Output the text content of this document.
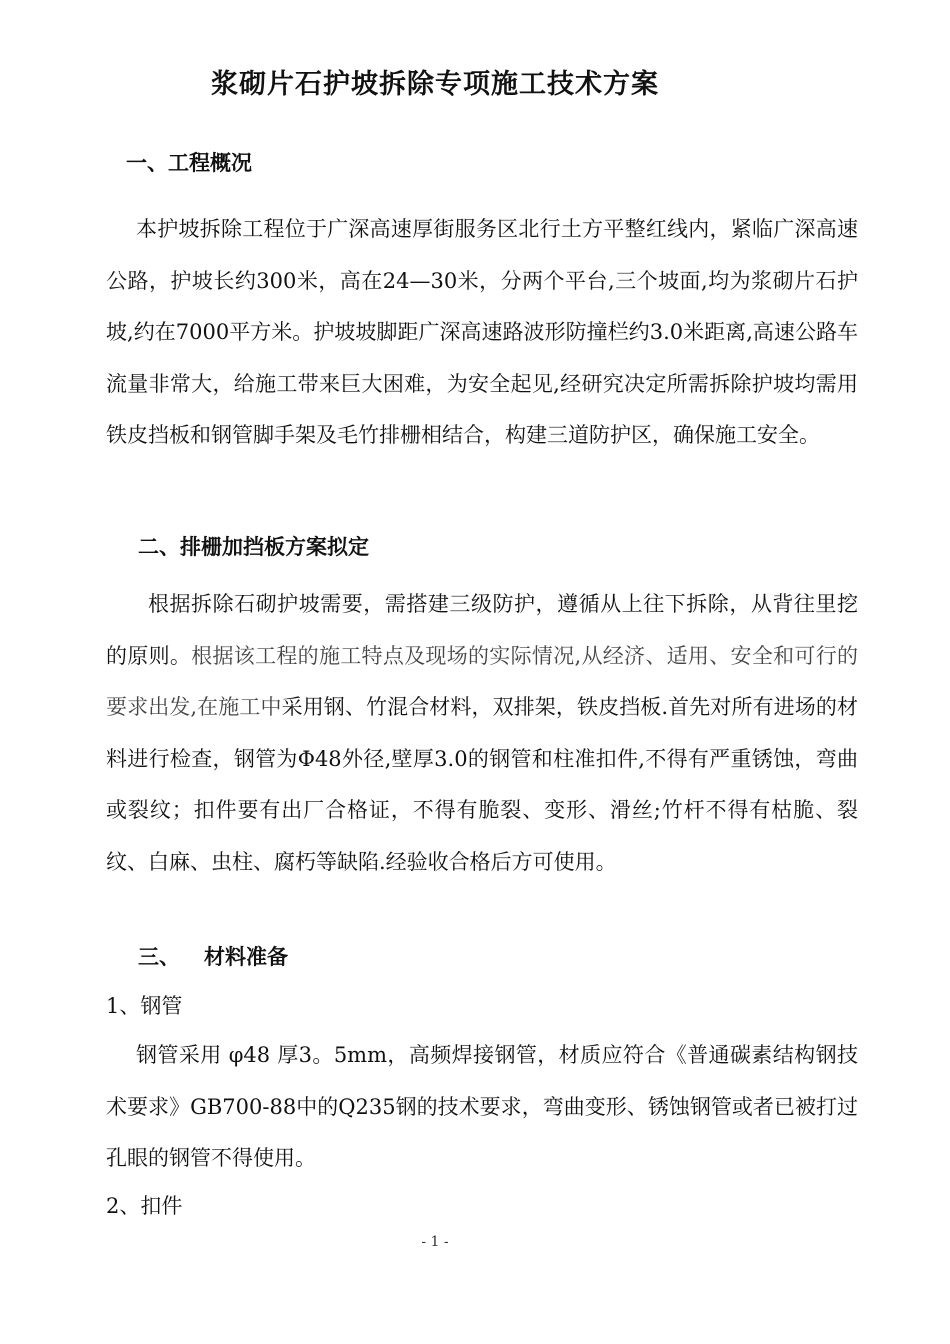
浆砌片石护坡拆除专项施工技术方案
一、工程概况
本护坡拆除工程位于广深高速厚街服务区北行土方平整红线内，紧临广深高速公路，护坡长约300米，高在24—30米，分两个平台,三个坡面,均为浆砌片石护坡,约在7000平方米。护坡坡脚距广深高速路波形防撞栏约3.0米距离,高速公路车流量非常大，给施工带来巨大困难，为安全起见,经研究决定所需拆除护坡均需用铁皮挡板和钢管脚手架及毛竹排栅相结合，构建三道防护区，确保施工安全。
二、排栅加挡板方案拟定
根据拆除石砌护坡需要，需搭建三级防护，遵循从上往下拆除，从背往里挖的原则。根据该工程的施工特点及现场的实际情况,从经济、适用、安全和可行的要求出发,在施工中采用钢、竹混合材料，双排架，铁皮挡板.首先对所有进场的材料进行检查，钢管为Φ48外径,壁厚3.0的钢管和柱准扣件,不得有严重锈蚀，弯曲或裂纹；扣件要有出厂合格证，不得有脆裂、变形、滑丝;竹杆不得有枯脆、裂纹、白麻、虫柱、腐朽等缺陷.经验收合格后方可使用。
三、 材料准备
1、钢管
钢管采用 φ48 厚3。5mm，高频焊接钢管，材质应符合《普通碳素结构钢技术要求》GB700-88中的Q235钢的技术要求，弯曲变形、锈蚀钢管或者已被打过孔眼的钢管不得使用。
2、扣件
- 1 -
